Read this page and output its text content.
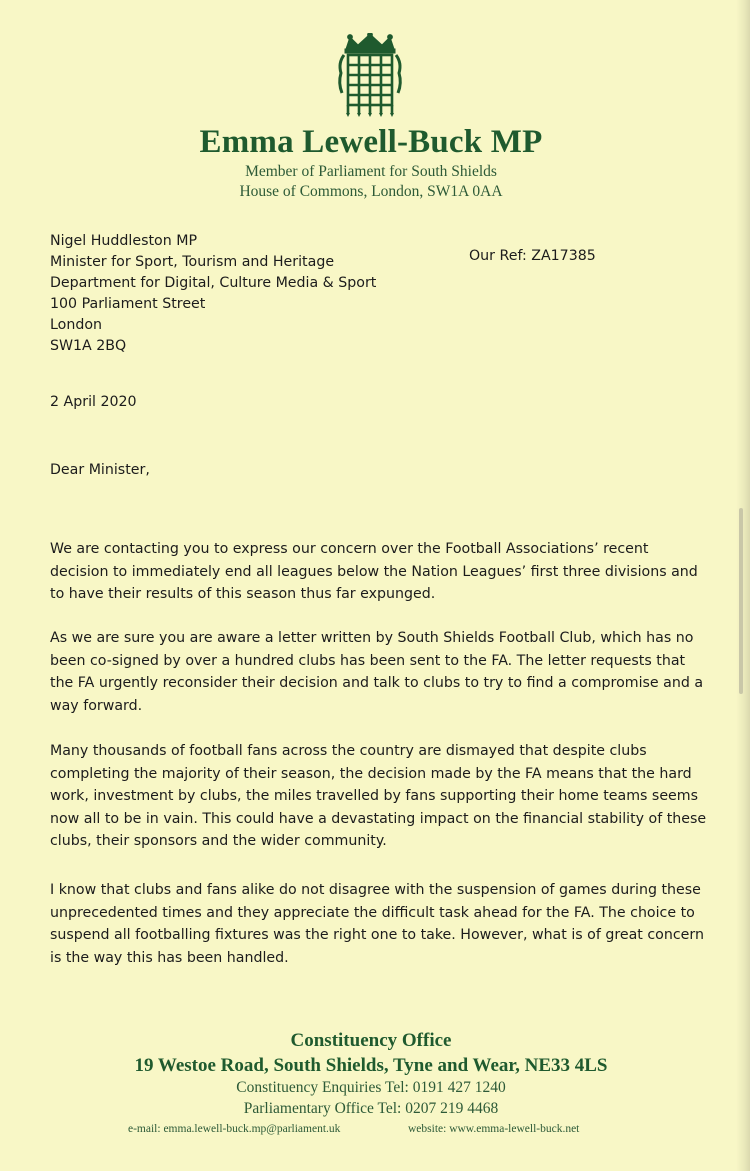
Emma Lewell-Buck MP
Member of Parliament for South Shields
House of Commons, London, SW1A 0AA
Nigel Huddleston MP
Minister for Sport, Tourism and Heritage
Department for Digital, Culture Media & Sport
100 Parliament Street
London
SW1A 2BQ
Our Ref: ZA17385
2 April 2020
Dear Minister,
We are contacting you to express our concern over the Football Associations’ recent
decision to immediately end all leagues below the Nation Leagues’ first three divisions and
to have their results of this season thus far expunged.
As we are sure you are aware a letter written by South Shields Football Club, which has no
been co-signed by over a hundred clubs has been sent to the FA. The letter requests that
the FA urgently reconsider their decision and talk to clubs to try to find a compromise and a
way forward.
Many thousands of football fans across the country are dismayed that despite clubs
completing the majority of their season, the decision made by the FA means that the hard
work, investment by clubs, the miles travelled by fans supporting their home teams seems
now all to be in vain. This could have a devastating impact on the financial stability of these
clubs, their sponsors and the wider community.
I know that clubs and fans alike do not disagree with the suspension of games during these
unprecedented times and they appreciate the difficult task ahead for the FA. The choice to
suspend all footballing fixtures was the right one to take. However, what is of great concern
is the way this has been handled.
Constituency Office
19 Westoe Road, South Shields, Tyne and Wear, NE33 4LS
Constituency Enquiries Tel: 0191 427 1240
Parliamentary Office Tel: 0207 219 4468
e-mail: emma.lewell-buck.mp@parliament.uk	website: www.emma-lewell-buck.net
